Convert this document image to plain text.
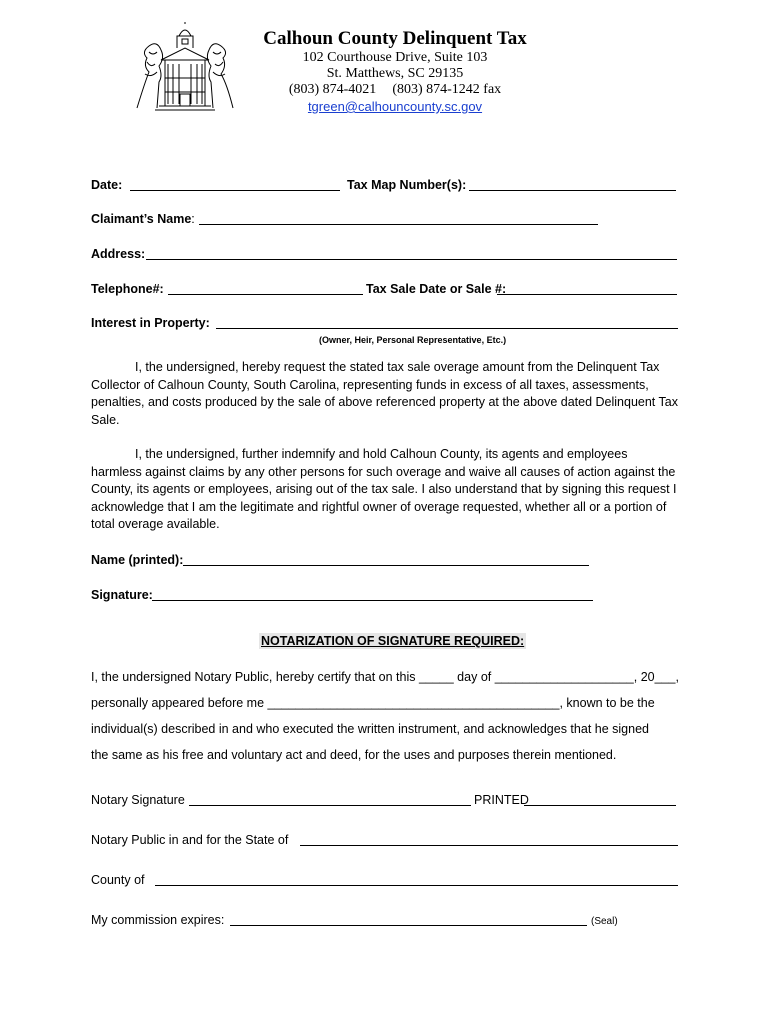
Calhoun County Delinquent Tax
102 Courthouse Drive, Suite 103
St. Matthews, SC 29135
(803) 874-4021 (803) 874-1242 fax
tgreen@calhouncounty.sc.gov
Date:	Tax Map Number(s):
Claimant’s Name:
Address:
Telephone#:	Tax Sale Date or Sale #:
Interest in Property:
(Owner, Heir, Personal Representative, Etc.)
I, the undersigned, hereby request the stated tax sale overage amount from the Delinquent Tax Collector of Calhoun County, South Carolina, representing funds in excess of all taxes, assessments, penalties, and costs produced by the sale of above referenced property at the above dated Delinquent Tax Sale.
I, the undersigned, further indemnify and hold Calhoun County, its agents and employees harmless against claims by any other persons for such overage and waive all causes of action against the County, its agents or employees, arising out of the tax sale. I also understand that by signing this request I acknowledge that I am the legitimate and rightful owner of overage requested, whether all or a portion of total overage available.
Name (printed):
Signature:
NOTARIZATION OF SIGNATURE REQUIRED:
I, the undersigned Notary Public, hereby certify that on this _____ day of ____________________, 20___,
personally appeared before me __________________________________________, known to be the
individual(s) described in and who executed the written instrument, and acknowledges that he signed
the same as his free and voluntary act and deed, for the uses and purposes therein mentioned.
Notary Signature	PRINTED
Notary Public in and for the State of
County of
My commission expires:	(Seal)
